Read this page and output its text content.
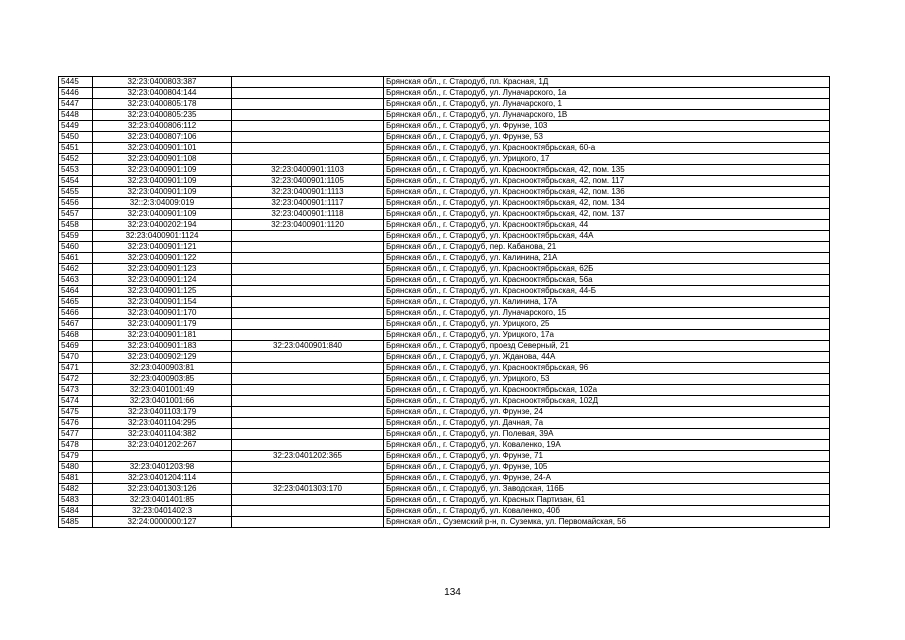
5445	32:23:0400803:387		Брянская обл., г. Стародуб, пл. Красная, 1Д
5446	32:23:0400804:144		Брянская обл., г. Стародуб, ул. Луначарского, 1а
5447	32:23:0400805:178		Брянская обл., г. Стародуб, ул. Луначарского, 1
5448	32:23:0400805:235		Брянская обл., г. Стародуб, ул. Луначарского, 1В
5449	32:23:0400806:112		Брянская обл., г. Стародуб, ул. Фрунзе, 103
5450	32:23:0400807:106		Брянская обл., г. Стародуб, ул. Фрунзе, 53
5451	32:23:0400901:101		Брянская обл., г. Стародуб, ул. Краснооктябрьская, 60-а
5452	32:23:0400901:108		Брянская обл., г. Стародуб, ул. Урицкого, 17
5453	32:23:0400901:109	32:23:0400901:1103	Брянская обл., г. Стародуб, ул. Краснооктябрьская, 42, пом. 135
5454	32:23:0400901:109	32:23:0400901:1105	Брянская обл., г. Стародуб, ул. Краснооктябрьская, 42, пом. 117
5455	32:23:0400901:109	32:23:0400901:1113	Брянская обл., г. Стародуб, ул. Краснооктябрьская, 42, пом. 136
5456	32::2:3:04009:019	32:23:0400901:1117	Брянская обл., г. Стародуб, ул. Краснооктябрьская, 42, пом. 134
5457	32:23:0400901:109	32:23:0400901:1118	Брянская обл., г. Стародуб, ул. Краснооктябрьская, 42, пом. 137
5458	32:23:0400202:194	32:23:0400901:1120	Брянская обл., г. Стародуб, ул. Краснооктябрьская, 44
5459	32:23:0400901:1124		Брянская обл., г. Стародуб, ул. Краснооктябрьская, 44А
5460	32:23:0400901:121		Брянская обл., г. Стародуб, пер. Кабанова, 21
5461	32:23:0400901:122		Брянская обл., г. Стародуб, ул. Калинина, 21А
5462	32:23:0400901:123		Брянская обл., г. Стародуб, ул. Краснооктябрьская, 62Б
5463	32:23:0400901:124		Брянская обл., г. Стародуб, ул. Краснооктябрьская, 56а
5464	32:23:0400901:125		Брянская обл., г. Стародуб, ул. Краснооктябрьская, 44-Б
5465	32:23:0400901:154		Брянская обл., г. Стародуб, ул. Калинина, 17А
5466	32:23:0400901:170		Брянская обл., г. Стародуб, ул. Луначарского, 15
5467	32:23:0400901:179		Брянская обл., г. Стародуб, ул. Урицкого, 25
5468	32:23:0400901:181		Брянская обл., г. Стародуб, ул. Урицкого, 17а
5469	32:23:0400901:183	32:23:0400901:840	Брянская обл., г. Стародуб, проезд Северный, 21
5470	32:23:0400902:129		Брянская обл., г. Стародуб, ул. Жданова, 44А
5471	32:23:0400903:81		Брянская обл., г. Стародуб, ул. Краснооктябрьская, 96
5472	32:23:0400903:85		Брянская обл., г. Стародуб, ул. Урицкого, 53
5473	32:23:0401001:49		Брянская обл., г. Стародуб, ул. Краснооктябрьская, 102а
5474	32:23:0401001:66		Брянская обл., г. Стародуб, ул. Краснооктябрьская, 102Д
5475	32:23:0401103:179		Брянская обл., г. Стародуб, ул. Фрунзе, 24
5476	32:23:0401104:295		Брянская обл., г. Стародуб, ул. Дачная, 7а
5477	32:23:0401104:382		Брянская обл., г. Стародуб, ул. Полевая, 39А
5478	32:23:0401202:267		Брянская обл., г. Стародуб, ул. Коваленко, 19А
5479		32:23:0401202:365	Брянская обл., г. Стародуб, ул. Фрунзе, 71
5480	32:23:0401203:98		Брянская обл., г. Стародуб, ул. Фрунзе, 105
5481	32:23:0401204:114		Брянская обл., г. Стародуб, ул. Фрунзе, 24-А
5482	32:23:0401303:126	32:23:0401303:170	Брянская обл., г. Стародуб, ул. Заводская, 116Б
5483	32:23:0401401:85		Брянская обл., г. Стародуб, ул. Красных Партизан, 61
5484	32:23:0401402:3		Брянская обл., г. Стародуб, ул. Коваленко, 40б
5485	32:24:0000000:127		Брянская обл., Суземский р-н, п. Суземка, ул. Первомайская, 56
134
